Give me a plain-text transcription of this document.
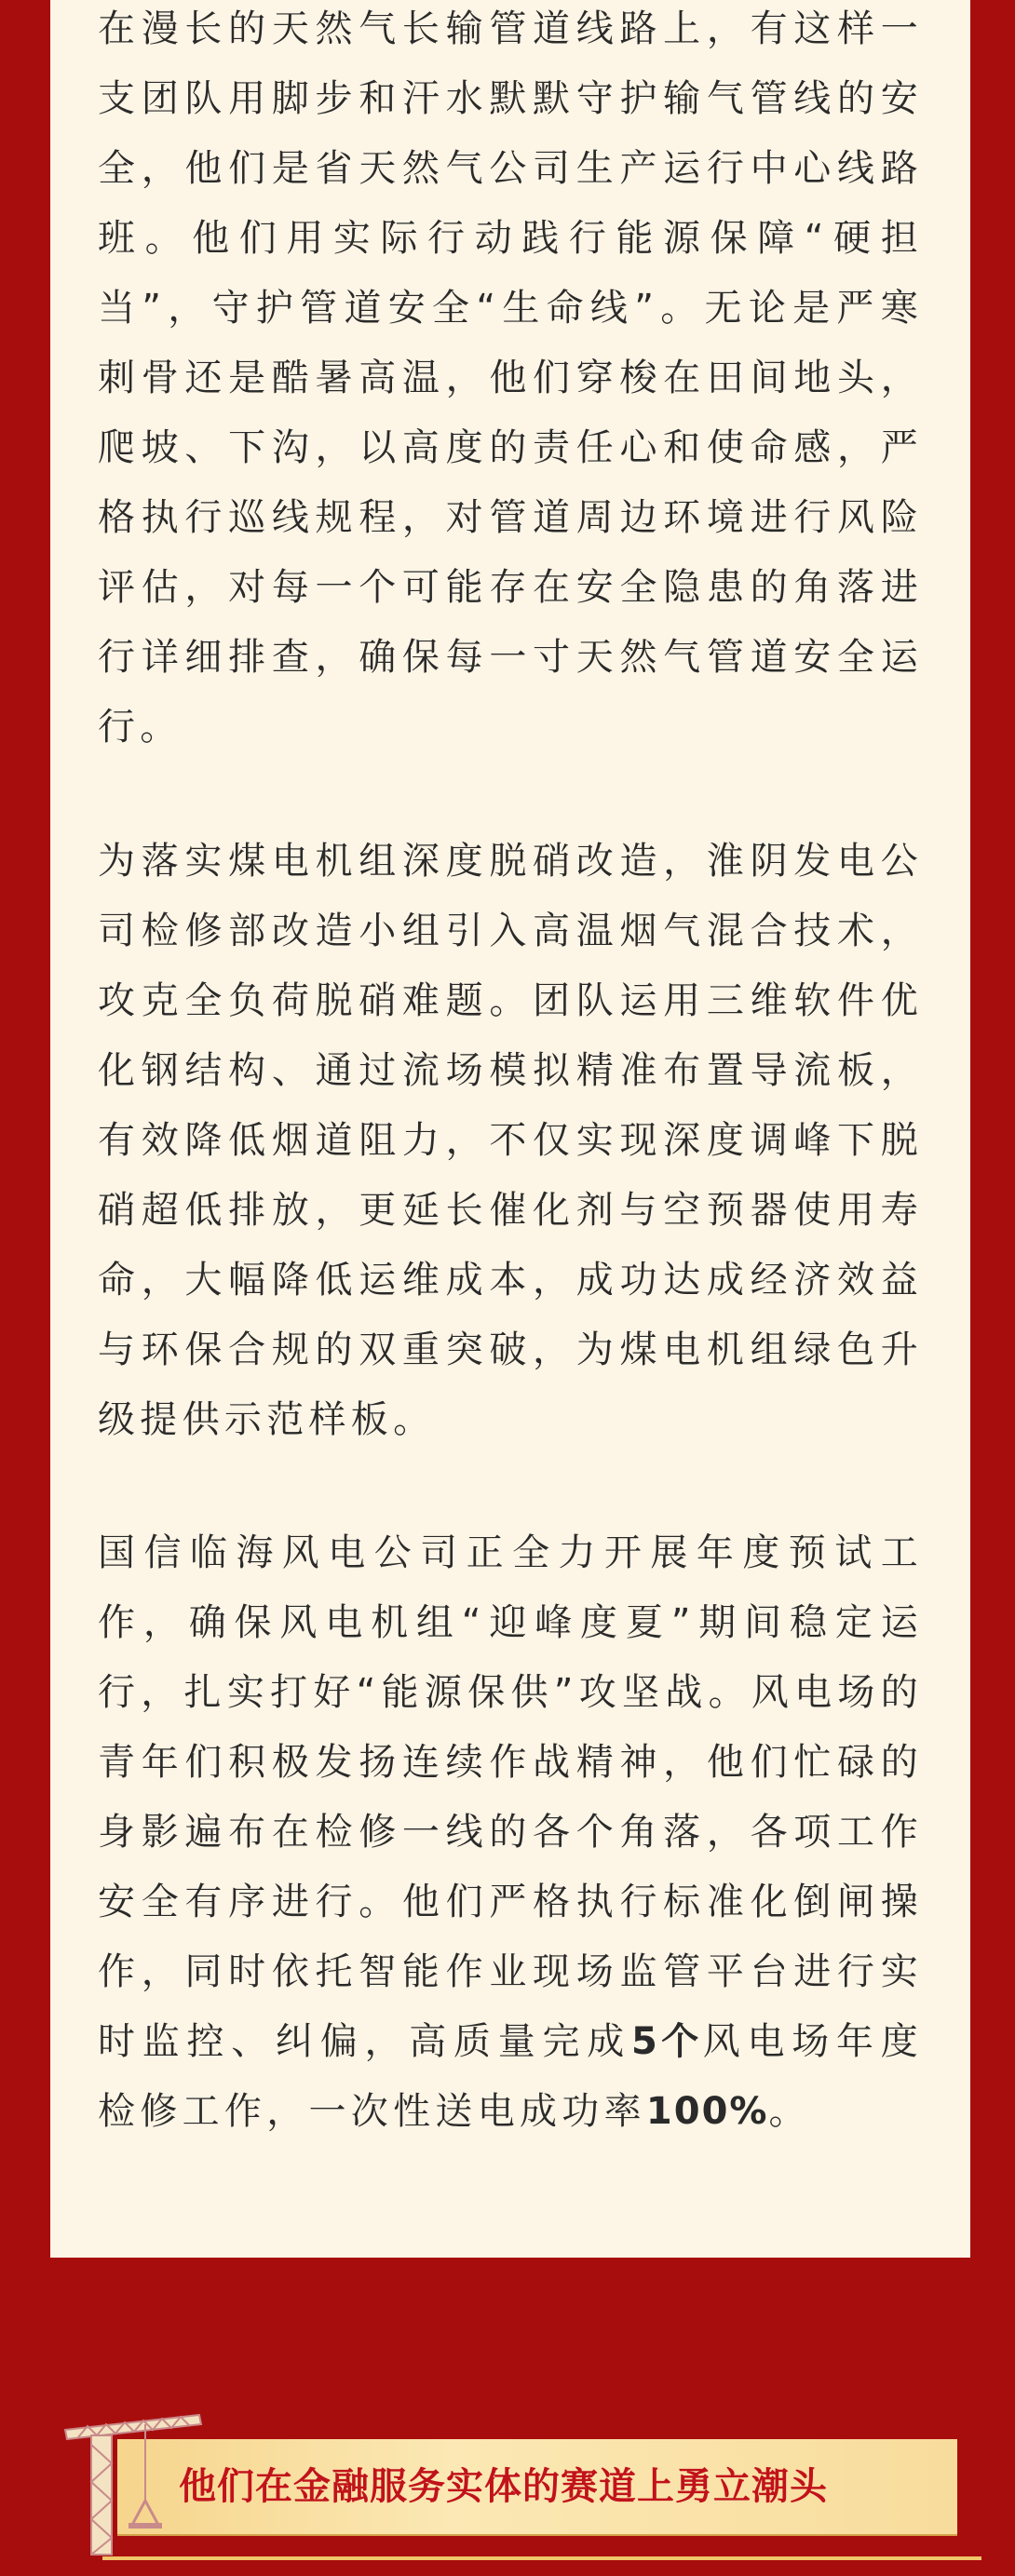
在漫长的天然气长输管道线路上，有这样一支团队用脚步和汗水默默守护输气管线的安全，他们是省天然气公司生产运行中心线路班。他们用实际行动践行能源保障“硬担当”，守护管道安全“生命线”。无论是严寒刺骨还是酷暑高温，他们穿梭在田间地头，爬坡、下沟，以高度的责任心和使命感，严格执行巡线规程，对管道周边环境进行风险评估，对每一个可能存在安全隐患的角落进行详细排查，确保每一寸天然气管道安全运行。

为落实煤电机组深度脱硝改造，淮阴发电公司检修部改造小组引入高温烟气混合技术，攻克全负荷脱硝难题。团队运用三维软件优化钢结构、通过流场模拟精准布置导流板，有效降低烟道阻力，不仅实现深度调峰下脱硝超低排放，更延长催化剂与空预器使用寿命，大幅降低运维成本，成功达成经济效益与环保合规的双重突破，为煤电机组绿色升级提供示范样板。

国信临海风电公司正全力开展年度预试工作，确保风电机组“迎峰度夏”期间稳定运行，扎实打好“能源保供”攻坚战。风电场的青年们积极发扬连续作战精神，他们忙碌的身影遍布在检修一线的各个角落，各项工作安全有序进行。他们严格执行标准化倒闸操作，同时依托智能作业现场监管平台进行实时监控、纠偏，高质量完成5个风电场年度检修工作，一次性送电成功率100%。

他们在金融服务实体的赛道上勇立潮头
